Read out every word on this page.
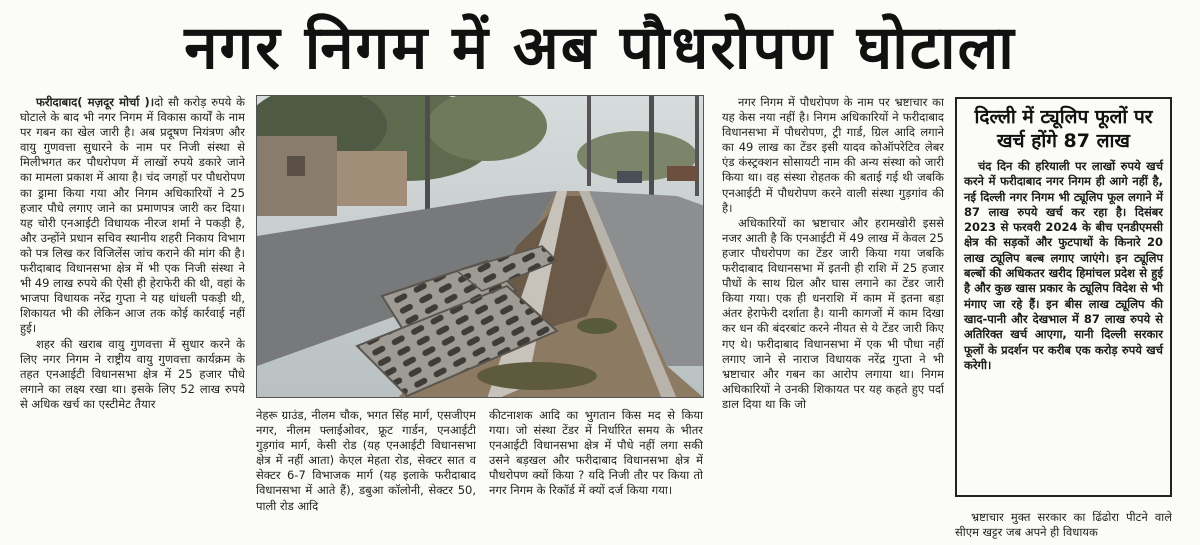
नगर निगम में अब पौधरोपण घोटाला

फरीदाबाद( मज़दूर मोर्चा )।दो सौ करोड़ रुपये के घोटाले के बाद भी नगर निगम में विकास कार्यों के नाम पर गबन का खेल जारी है। अब प्रदूषण नियंत्रण और वायु गुणवत्ता सुधारने के नाम पर निजी संस्था से मिलीभगत कर पौधरोपण में लाखों रुपये डकारे जाने का मामला प्रकाश में आया है। चंद जगहों पर पौधरोपण का ड्रामा किया गया और निगम अधिकारियों ने 25 हजार पौधे लगाए जाने का प्रमाणपत्र जारी कर दिया। यह चोरी एनआईटी विधायक नीरज शर्मा ने पकड़ी है, और उन्होंने प्रधान सचिव स्थानीय शहरी निकाय विभाग को पत्र लिख कर विजिलेंस जांच कराने की मांग की है। फरीदाबाद विधानसभा क्षेत्र में भी एक निजी संस्था ने भी 49 लाख रुपये की ऐसी ही हेराफेरी की थी, वहां के भाजपा विधायक नरेंद्र गुप्ता ने यह धांधली पकड़ी थी, शिकायत भी की लेकिन आज तक कोई कार्रवाई नहीं हुई।

शहर की खराब वायु गुणवत्ता में सुधार करने के लिए नगर निगम ने राष्ट्रीय वायु गुणवत्ता कार्यक्रम के तहत एनआईटी विधानसभा क्षेत्र में 25 हजार पौधे लगाने का लक्ष्य रखा था। इसके लिए 52 लाख रुपये से अधिक खर्च का एस्टीमेट तैयार

नेहरू ग्राउंड, नीलम चौक, भगत सिंह मार्ग, एसजीएम नगर, नीलम फ्लाईओवर, फ्रूट गार्डन, एनआईटी गुड़गांव मार्ग, केसी रोड (यह एनआईटी विधानसभा क्षेत्र में नहीं आता) केएल मेहता रोड, सेक्टर सात व सेक्टर 6-7 विभाजक मार्ग (यह इलाके फरीदाबाद विधानसभा में आते हैं), डबुआ कॉलोनी, सेक्टर 50, पाली रोड आदि

कीटनाशक आदि का भुगतान किस मद से किया गया। जो संस्था टेंडर में निर्धारित समय के भीतर एनआईटी विधानसभा क्षेत्र में पौधे नहीं लगा सकी उसने बड़खल और फरीदाबाद विधानसभा क्षेत्र में पौधरोपण क्यों किया ? यदि निजी तौर पर किया तो नगर निगम के रिकॉर्ड में क्यों दर्ज किया गया।

नगर निगम में पौधरोपण के नाम पर भ्रष्टाचार का यह केस नया नहीं है। निगम अधिकारियों ने फरीदाबाद विधानसभा में पौधरोपण, ट्री गार्ड, ग्रिल आदि लगाने का 49 लाख का टेंडर इसी यादव कोऑपरेटिव लेबर एंड कंस्ट्रक्शन सोसायटी नाम की अन्य संस्था को जारी किया था। वह संस्था रोहतक की बताई गई थी जबकि एनआईटी में पौधरोपण करने वाली संस्था गुड़गांव की है।

अधिकारियों का भ्रष्टाचार और हरामखोरी इससे नजर आती है कि एनआईटी में 49 लाख में केवल 25 हजार पौधरोपण का टेंडर जारी किया गया जबकि फरीदाबाद विधानसभा में इतनी ही राशि में 25 हजार पौधों के साथ ग्रिल और घास लगाने का टेंडर जारी किया गया। एक ही धनराशि में काम में इतना बड़ा अंतर हेराफेरी दर्शाता है। यानी कागजों में काम दिखा कर धन की बंदरबांट करने नीयत से ये टेंडर जारी किए गए थे। फरीदाबाद विधानसभा में एक भी पौधा नहीं लगाए जाने से नाराज विधायक नरेंद्र गुप्ता ने भी भ्रष्टाचार और गबन का आरोप लगाया था। निगम अधिकारियों ने उनकी शिकायत पर यह कहते हुए पर्दा डाल दिया था कि जो

दिल्ली में ट्यूलिप फूलों पर खर्च होंगे 87 लाख
चंद दिन की हरियाली पर लाखों रुपये खर्च करने में फरीदाबाद नगर निगम ही आगे नहीं है, नई दिल्ली नगर निगम भी ट्यूलिप फूल लगाने में 87 लाख रुपये खर्च कर रहा है। दिसंबर 2023 से फरवरी 2024 के बीच एनडीएमसी क्षेत्र की सड़कों और फुटपाथों के किनारे 20 लाख ट्यूलिप बल्ब लगाए जाएंगे। इन ट्यूलिप बल्बों की अधिकतर खरीद हिमांचल प्रदेश से हुई है और कुछ खास प्रकार के ट्यूलिप विदेश से भी मंगाए जा रहे हैं। इन बीस लाख ट्यूलिप की खाद-पानी और देखभाल में 87 लाख रुपये से अतिरिक्त खर्च आएगा, यानी दिल्ली सरकार फूलों के प्रदर्शन पर करीब एक करोड़ रुपये खर्च करेगी।

भ्रष्टाचार मुक्त सरकार का ढिंढोरा पीटने वाले सीएम खट्टर जब अपने ही विधायक
